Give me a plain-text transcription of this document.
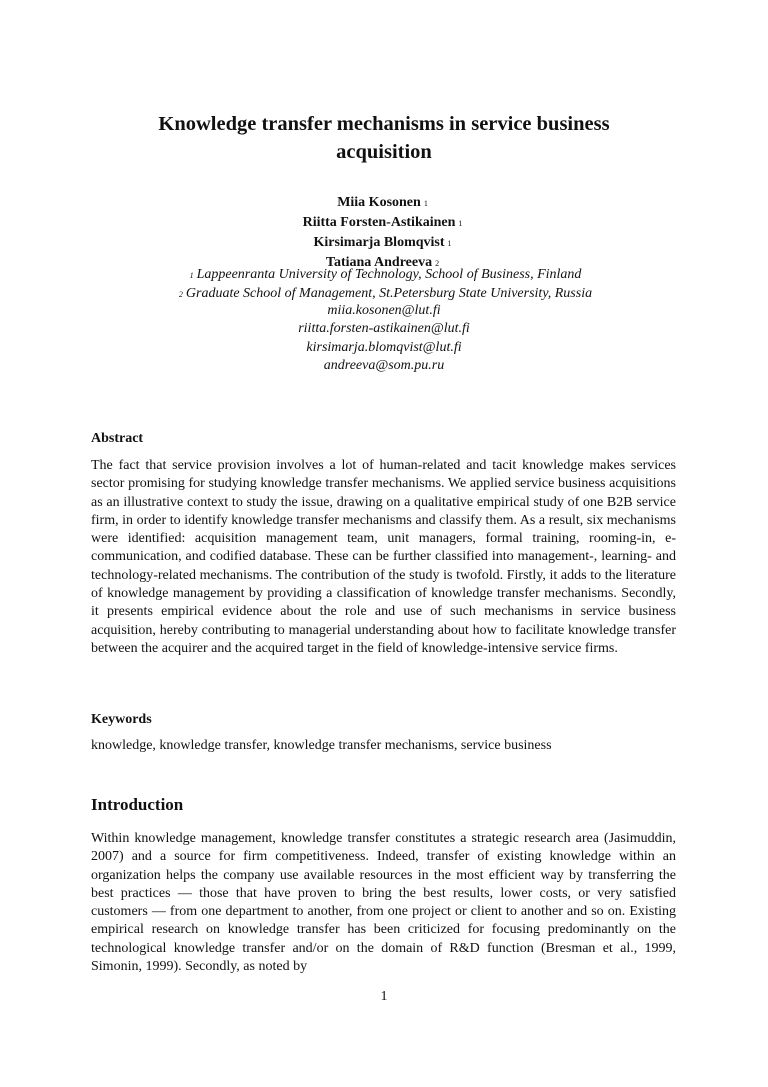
Knowledge transfer mechanisms in service business
acquisition
Miia Kosonen 1
Riitta Forsten-Astikainen 1
Kirsimarja Blomqvist 1
Tatiana Andreeva 2
1 Lappeenranta University of Technology, School of Business, Finland
2 Graduate School of Management, St.Petersburg State University, Russia
miia.kosonen@lut.fi
riitta.forsten-astikainen@lut.fi
kirsimarja.blomqvist@lut.fi
andreeva@som.pu.ru
Abstract
The fact that service provision involves a lot of human-related and tacit knowledge makes services sector promising for studying knowledge transfer mechanisms. We applied service business acquisitions as an illustrative context to study the issue, drawing on a qualitative empirical study of one B2B service firm, in order to identify knowledge transfer mechanisms and classify them. As a result, six mechanisms were identified: acquisition management team, unit managers, formal training, rooming-in, e-communication, and codified database. These can be further classified into management-, learning- and technology-related mechanisms. The contribution of the study is twofold. Firstly, it adds to the literature of knowledge management by providing a classification of knowledge transfer mechanisms. Secondly, it presents empirical evidence about the role and use of such mechanisms in service business acquisition, hereby contributing to managerial understanding about how to facilitate knowledge transfer between the acquirer and the acquired target in the field of knowledge-intensive service firms.
Keywords
knowledge, knowledge transfer, knowledge transfer mechanisms, service business
Introduction
Within knowledge management, knowledge transfer constitutes a strategic research area (Jasimuddin, 2007) and a source for firm competitiveness. Indeed, transfer of existing knowledge within an organization helps the company use available resources in the most efficient way by transferring the best practices — those that have proven to bring the best results, lower costs, or very satisfied customers — from one department to another, from one project or client to another and so on. Existing empirical research on knowledge transfer has been criticized for focusing predominantly on the technological knowledge transfer and/or on the domain of R&D function (Bresman et al., 1999, Simonin, 1999). Secondly, as noted by
1
